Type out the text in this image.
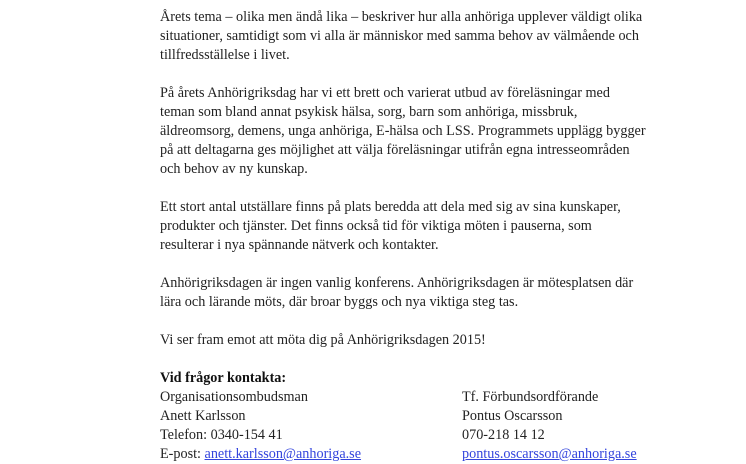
Årets tema – olika men ändå lika – beskriver hur alla anhöriga upplever väldigt olika
situationer, samtidigt som vi alla är människor med samma behov av välmående och
tillfredsställelse i livet.
På årets Anhörigriksdag har vi ett brett och varierat utbud av föreläsningar med
teman som bland annat psykisk hälsa, sorg, barn som anhöriga, missbruk,
äldreomsorg, demens, unga anhöriga, E-hälsa och LSS. Programmets upplägg bygger
på att deltagarna ges möjlighet att välja föreläsningar utifrån egna intresseområden
och behov av ny kunskap.
Ett stort antal utställare finns på plats beredda att dela med sig av sina kunskaper,
produkter och tjänster. Det finns också tid för viktiga möten i pauserna, som
resulterar i nya spännande nätverk och kontakter.
Anhörigriksdagen är ingen vanlig konferens. Anhörigriksdagen är mötesplatsen där
lära och lärande möts, där broar byggs och nya viktiga steg tas.
Vi ser fram emot att möta dig på Anhörigriksdagen 2015!
Vid frågor kontakta:
Organisationsombudsman
Anett Karlsson
Telefon: 0340-154 41
E-post: anett.karlsson@anhoriga.se
Tf. Förbundsordförande
Pontus Oscarsson
070-218 14 12
pontus.oscarsson@anhoriga.se
